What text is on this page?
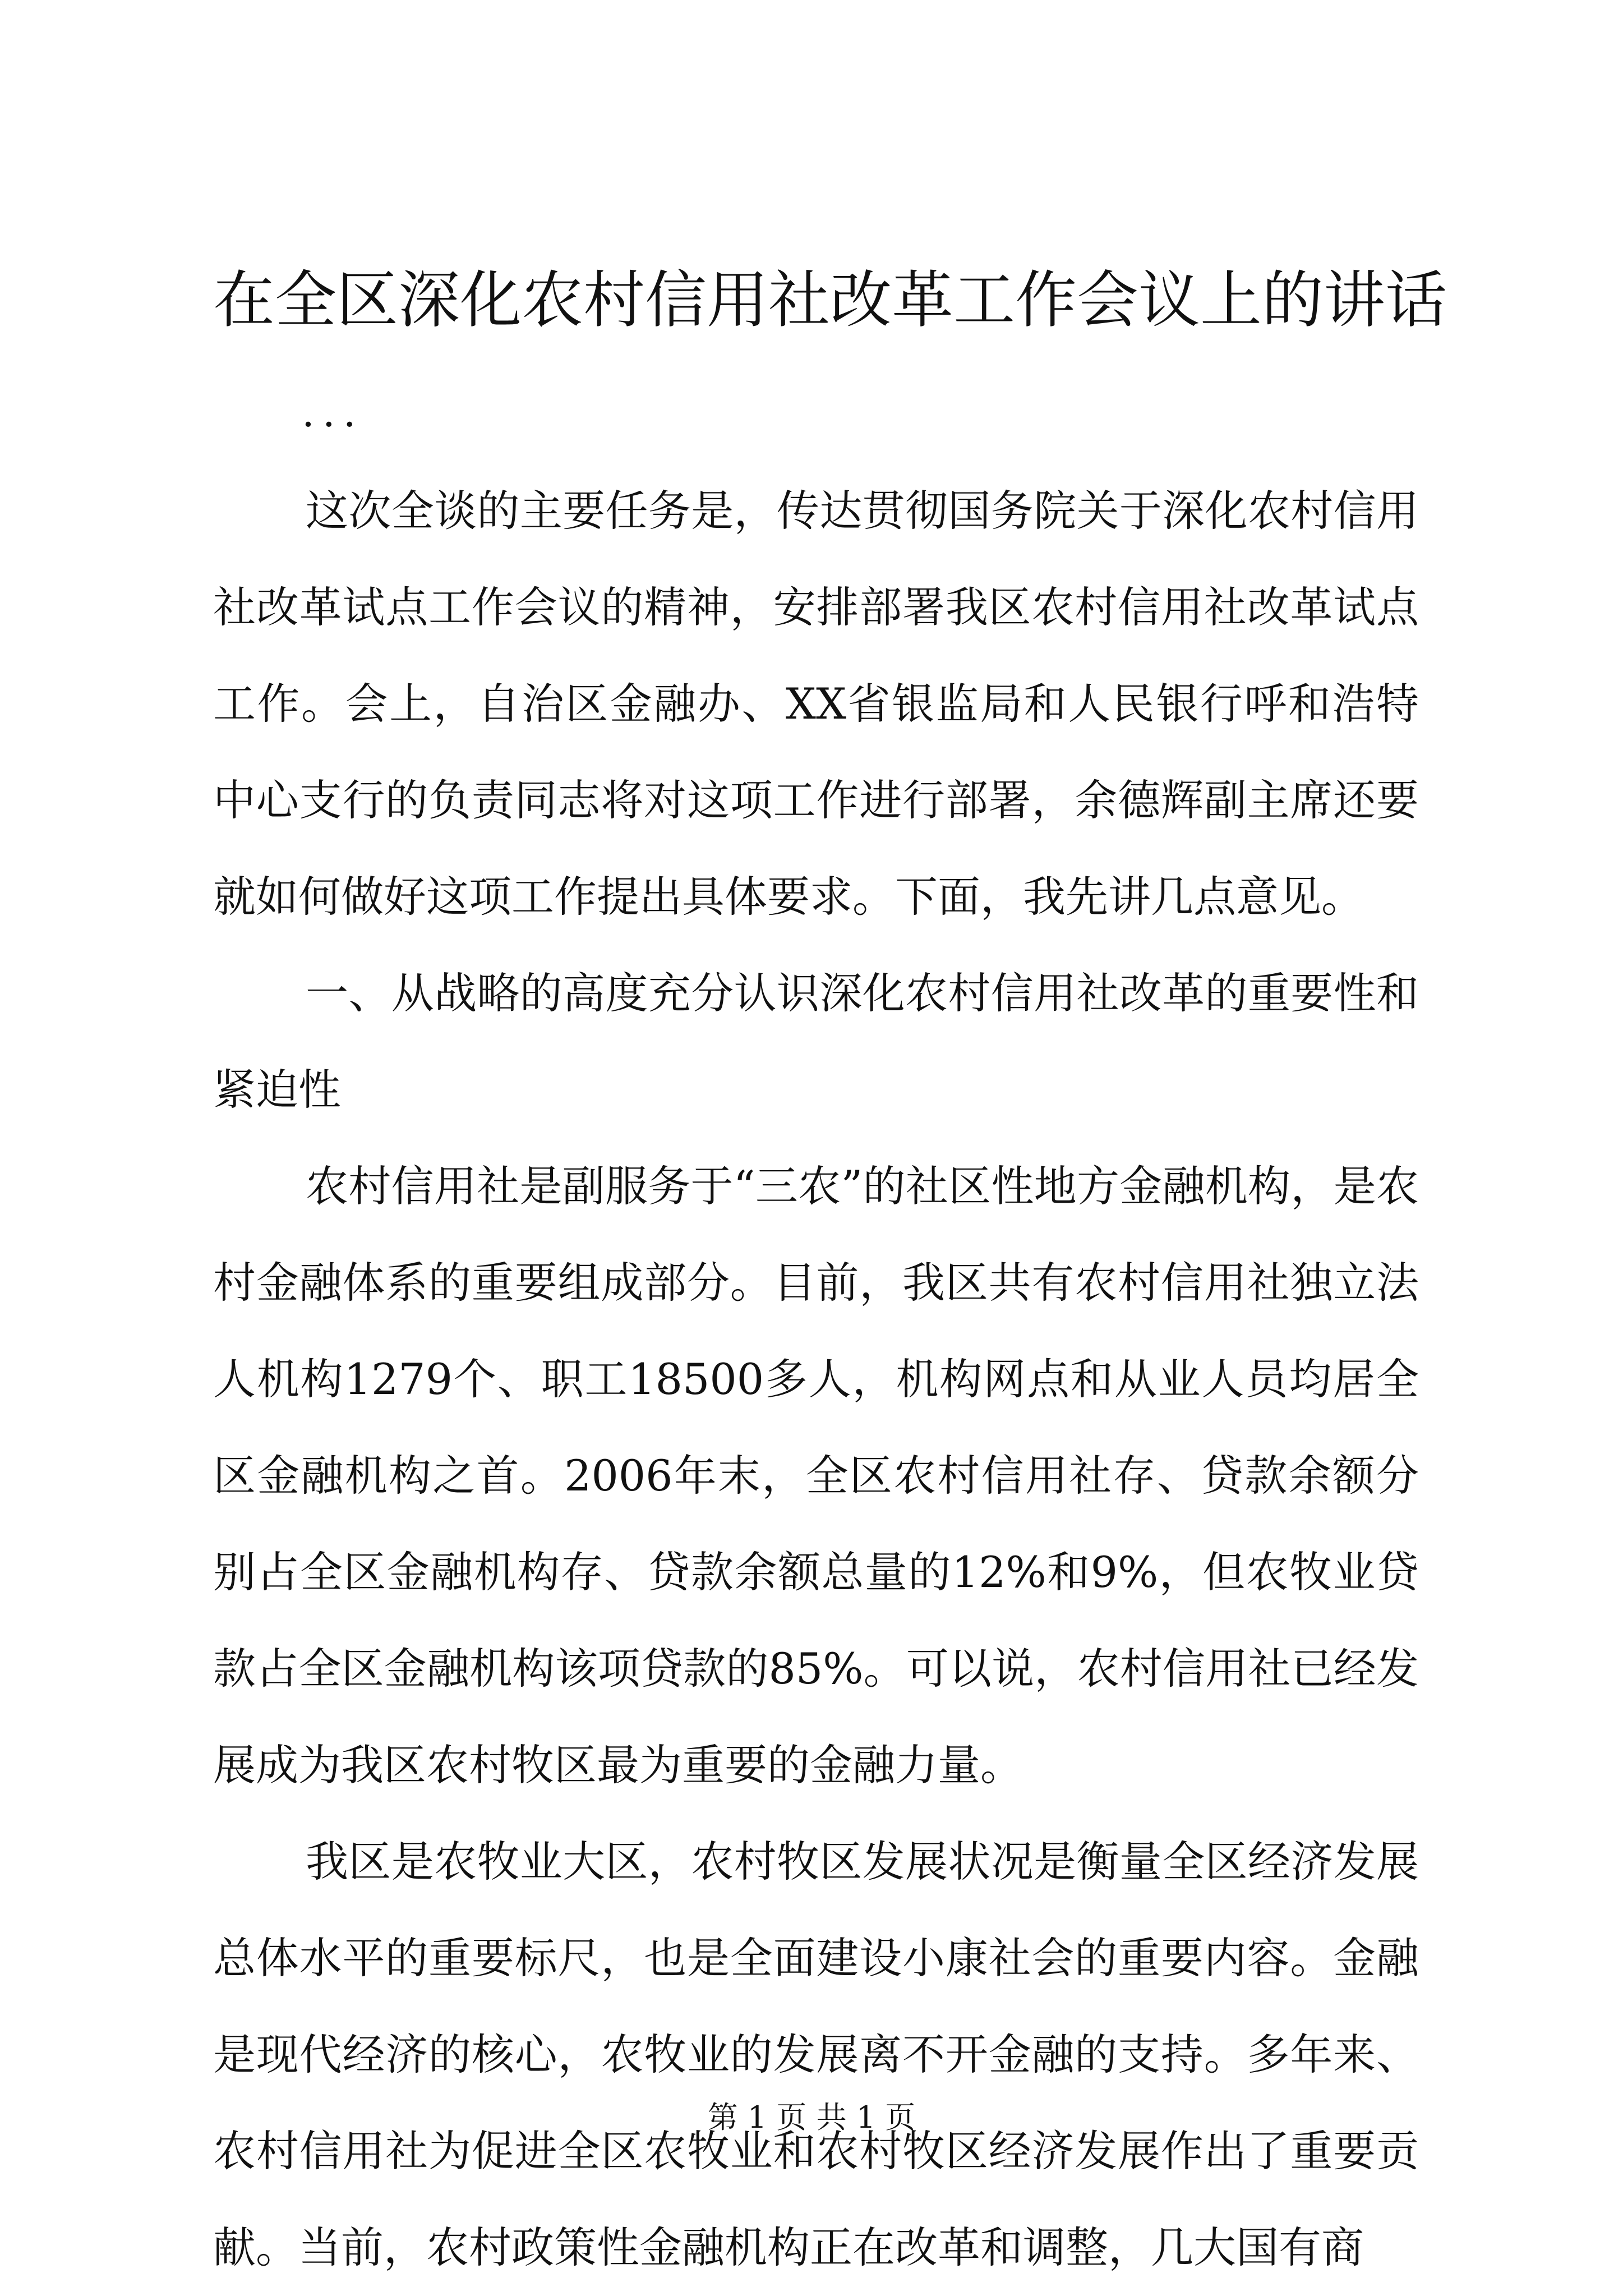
在全区深化农村信用社改革工作会议上的讲话
...

这次全谈的主要任务是，传达贯彻国务院关于深化农村信用社改革试点工作会议的精神，安排部署我区农村信用社改革试点工作。会上，自治区金融办、XX省银监局和人民银行呼和浩特中心支行的负责同志将对这项工作进行部署，余德辉副主席还要就如何做好这项工作提出具体要求。下面，我先讲几点意见。

一、从战略的高度充分认识深化农村信用社改革的重要性和紧迫性

农村信用社是副服务于“三农”的社区性地方金融机构，是农村金融体系的重要组成部分。目前，我区共有农村信用社独立法人机构1279个、职工18500多人，机构网点和从业人员均居全区金融机构之首。2006年末，全区农村信用社存、贷款余额分别占全区金融机构存、贷款余额总量的12%和9%，但农牧业贷款占全区金融机构该项贷款的85%。可以说，农村信用社已经发展成为我区农村牧区最为重要的金融力量。

我区是农牧业大区，农村牧区发展状况是衡量全区经济发展总体水平的重要标尺，也是全面建设小康社会的重要内容。金融是现代经济的核心，农牧业的发展离不开金融的支持。多年来、农村信用社为促进全区农牧业和农村牧区经济发展作出了重要贡献。当前，农村政策性金融机构正在改革和调整，几大国有商

第 1 页 共 1 页
